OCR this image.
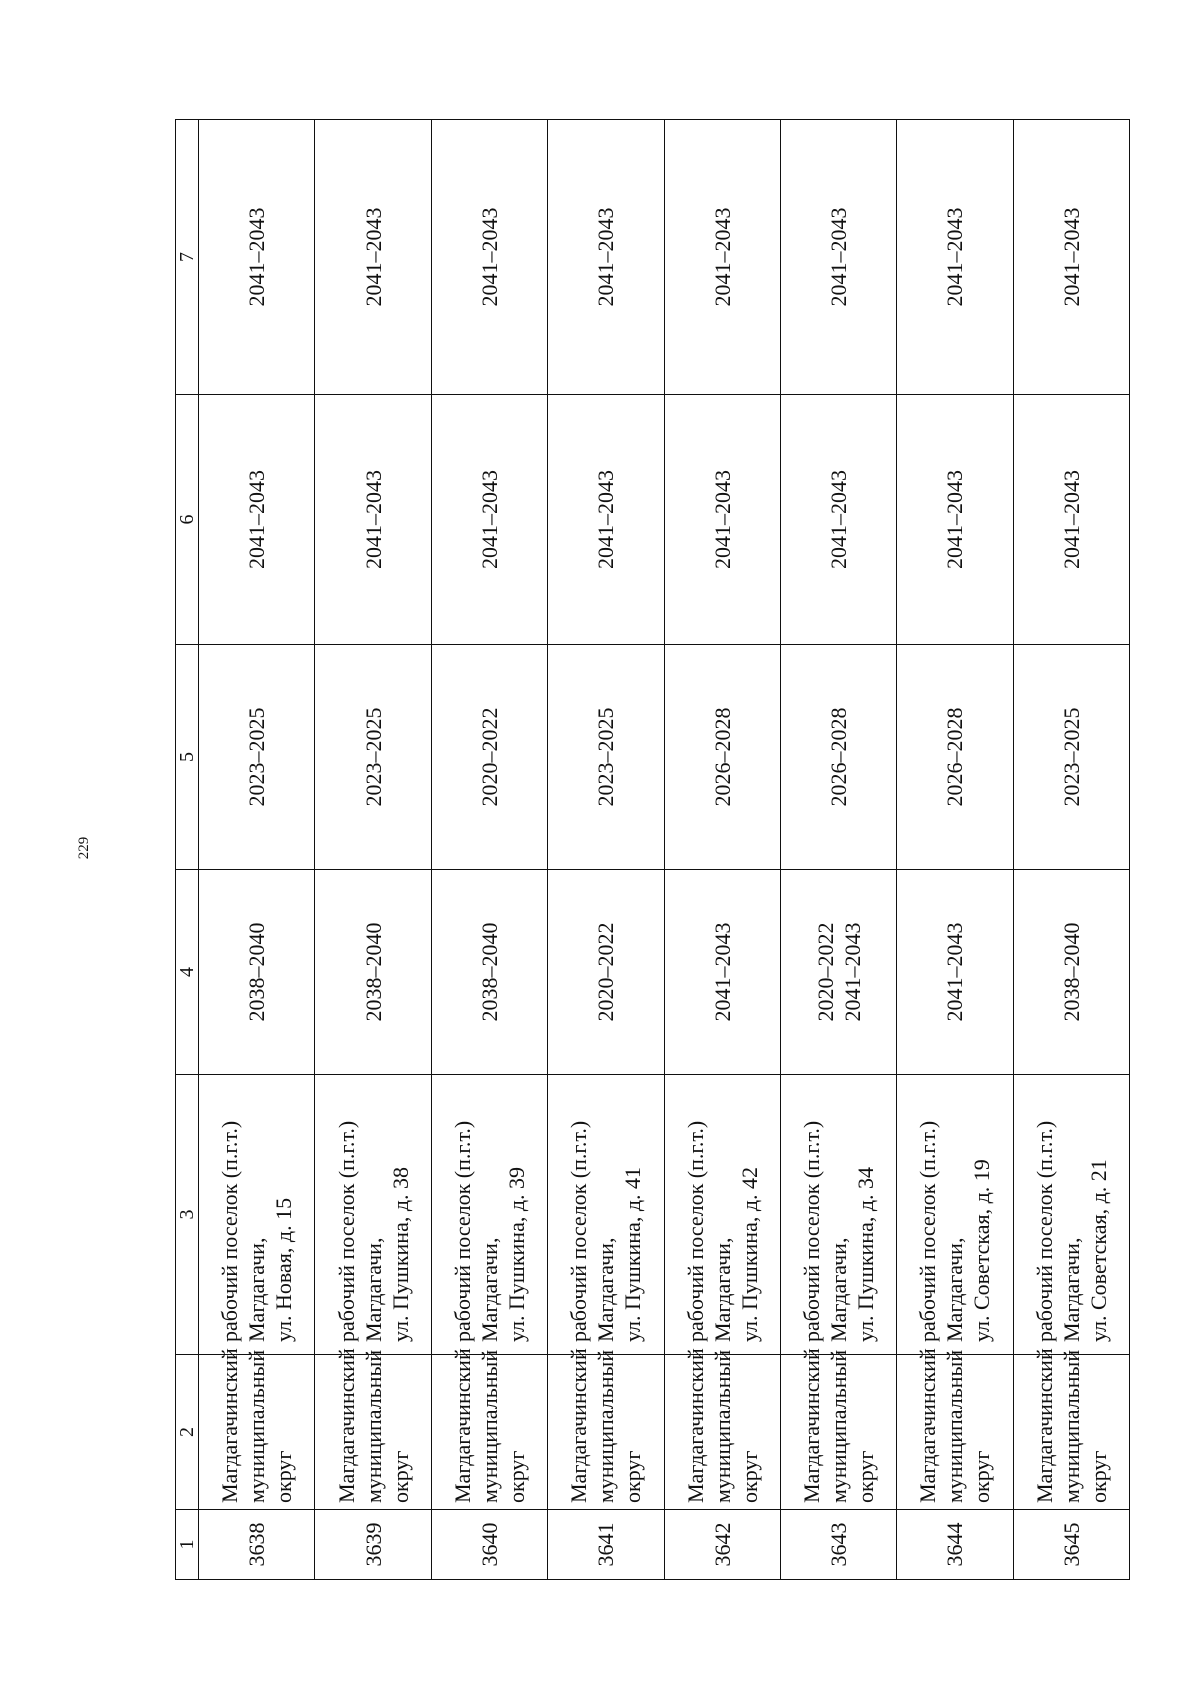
229
1	2	3	4	5	6	7

3638	Магдагачинский муниципальный округ	рабочий поселок (п.г.т.) Магдагачи, ул. Новая, д. 15	2038–2040	2023–2025	2041–2043	2041–2043

3639	Магдагачинский муниципальный округ	рабочий поселок (п.г.т.) Магдагачи, ул. Пушкина, д. 38	2038–2040	2023–2025	2041–2043	2041–2043

3640	Магдагачинский муниципальный округ	рабочий поселок (п.г.т.) Магдагачи, ул. Пушкина, д. 39	2038–2040	2020–2022	2041–2043	2041–2043

3641	Магдагачинский муниципальный округ	рабочий поселок (п.г.т.) Магдагачи, ул. Пушкина, д. 41	2020–2022	2023–2025	2041–2043	2041–2043

3642	Магдагачинский муниципальный округ	рабочий поселок (п.г.т.) Магдагачи, ул. Пушкина, д. 42	2041–2043	2026–2028	2041–2043	2041–2043

3643	Магдагачинский муниципальный округ	рабочий поселок (п.г.т.) Магдагачи, ул. Пушкина, д. 34	2020–2022 2041–2043	2026–2028	2041–2043	2041–2043

3644	Магдагачинский муниципальный округ	рабочий поселок (п.г.т.) Магдагачи, ул. Советская, д. 19	2041–2043	2026–2028	2041–2043	2041–2043

3645	Магдагачинский муниципальный округ	рабочий поселок (п.г.т.) Магдагачи, ул. Советская, д. 21	2038–2040	2023–2025	2041–2043	2041–2043
